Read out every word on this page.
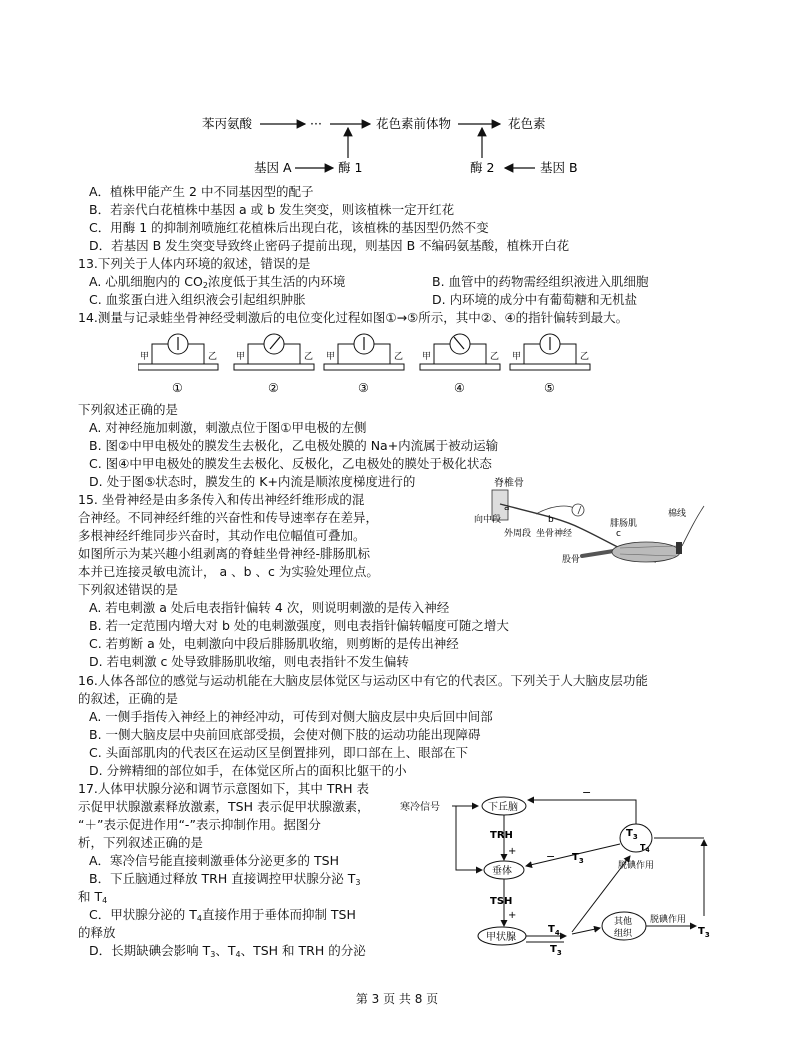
苯丙氨酸	···	花色素前体物	花色素
基因 A	酶 1	酶 2	基因 B
A．植株甲能产生 2 中不同基因型的配子
B．若亲代白花植株中基因 a 或 b 发生突变，则该植株一定开红花
C．用酶 1 的抑制剂喷施红花植株后出现白花，该植株的基因型仍然不变
D．若基因 B 发生突变导致终止密码子提前出现，则基因 B 不编码氨基酸，植株开白花
13.下列关于人体内环境的叙述，错误的是
A. 心肌细胞内的 $CO_2$浓度低于其生活的内环境	B. 血管中的药物需经组织液进入肌细胞
C. 血浆蛋白进入组织液会引起组织肿胀	D. 内环境的成分中有葡萄糖和无机盐
14.测量与记录蛙坐骨神经受刺激后的电位变化过程如图①→⑤所示，其中②、④的指针偏转到最大。
甲	乙
①
甲	乙
②
甲	乙
③
甲	乙
④
甲	乙
⑤
下列叙述正确的是
A. 对神经施加刺激，刺激点位于图①甲电极的左侧
B. 图②中甲电极处的膜发生去极化，乙电极处膜的 Na+内流属于被动运输
C. 图④中甲电极处的膜发生去极化、反极化，乙电极处的膜处于极化状态
D. 处于图⑤状态时，膜发生的 K+内流是顺浓度梯度进行的
15. 坐骨神经是由多条传入和传出神经纤维形成的混
合神经。不同神经纤维的兴奋性和传导速率存在差异，
多根神经纤维同步兴奋时，其动作电位幅值可叠加。
如图所示为某兴趣小组剥离的脊蛙坐骨神经-腓肠肌标
本并已连接灵敏电流计， a 、b 、c 为实验处理位点。
下列叙述错误的是
脊椎骨
a
向中段
外周段
b
坐骨神经
腓肠肌
c
股骨
棉线
A. 若电刺激 a 处后电表指针偏转 4 次，则说明刺激的是传入神经
B. 若一定范围内增大对 b 处的电刺激强度，则电表指针偏转幅度可随之增大
C. 若剪断 a 处，电刺激向中段后腓肠肌收缩，则剪断的是传出神经
D. 若电刺激 c 处导致腓肠肌收缩，则电表指针不发生偏转
16.人体各部位的感觉与运动机能在大脑皮层体觉区与运动区中有它的代表区。下列关于人大脑皮层功能
的叙述，正确的是
A. 一侧手指传入神经上的神经冲动，可传到对侧大脑皮层中央后回中间部
B. 一侧大脑皮层中央前回底部受损，会使对侧下肢的运动功能出现障碍
C. 头面部肌肉的代表区在运动区呈倒置排列，即口部在上、眼部在下
D. 分辨精细的部位如手，在体觉区所占的面积比躯干的小
17.人体甲状腺分泌和调节示意图如下，其中 TRH 表
示促甲状腺激素释放激素，TSH 表示促甲状腺激素，
“＋”表示促进作用“-”表示抑制作用。据图分
析，下列叙述正确的是
A．寒冷信号能直接刺激垂体分泌更多的 TSH
B．下丘脑通过释放 TRH 直接调控甲状腺分泌 $T_3$
和 $T_4$
C．甲状腺分泌的 $T_4$直接作用于垂体而抑制 TSH
的释放
D．长期缺碘会影响 $T_3$、$T_4$、TSH 和 TRH 的分泌
寒冷信号	下丘脑
TRH
+
垂体
TSH
+
甲状腺
$T_4$
$T_3$
其他
组织
脱碘作用
$T_3$
$T_3$
$T_4$
脱碘作用
−
− $T_3$
第 3 页 共 8 页
